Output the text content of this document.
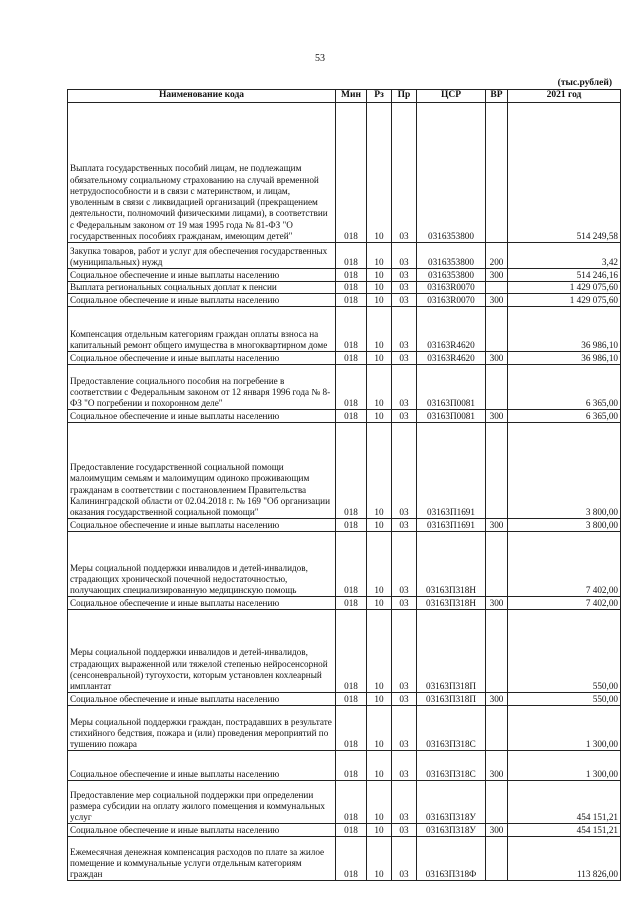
53
(тыс.рублей)
Наименование кода	Мин	Рз	Пр	ЦСР	ВР	2021 год
Выплата государственных пособий лицам, не подлежащим обязательному социальному страхованию на случай временной нетрудоспособности и в связи с материнством, и лицам, уволенным в связи с ликвидацией организаций (прекращением деятельности, полномочий физическими лицами), в соответствии с Федеральным законом от 19 мая 1995 года № 81-ФЗ "О государственных пособиях гражданам, имеющим детей"	018	10	03	0316353800		514 249,58
Закупка товаров, работ и услуг для обеспечения государственных (муниципальных) нужд	018	10	03	0316353800	200	3,42
Социальное обеспечение и иные выплаты населению	018	10	03	0316353800	300	514 246,16
Выплата региональных социальных доплат к пенсии	018	10	03	03163R0070		1 429 075,60
Социальное обеспечение и иные выплаты населению	018	10	03	03163R0070	300	1 429 075,60
Компенсация отдельным категориям граждан оплаты взноса на капитальный ремонт общего имущества в многоквартирном доме	018	10	03	03163R4620		36 986,10
Социальное обеспечение и иные выплаты населению	018	10	03	03163R4620	300	36 986,10
Предоставление социального пособия на погребение в соответствии с Федеральным законом от 12 января 1996 года № 8-ФЗ "О погребении и похоронном деле"	018	10	03	03163П0081		6 365,00
Социальное обеспечение и иные выплаты населению	018	10	03	03163П0081	300	6 365,00
Предоставление государственной социальной помощи малоимущим семьям и малоимущим одиноко проживающим гражданам в соответствии с постановлением Правительства Калининградской области от 02.04.2018 г. № 169 "Об организации оказания государственной социальной помощи"	018	10	03	03163П1691		3 800,00
Социальное обеспечение и иные выплаты населению	018	10	03	03163П1691	300	3 800,00
Меры социальной поддержки инвалидов и детей-инвалидов, страдающих хронической почечной недостаточностью, получающих специализированную медицинскую помощь	018	10	03	03163П318Н		7 402,00
Социальное обеспечение и иные выплаты населению	018	10	03	03163П318Н	300	7 402,00
Меры социальной поддержки инвалидов и детей-инвалидов, страдающих выраженной или тяжелой степенью нейросенсорной (сенсоневральной) тугоухости, которым установлен кохлеарный имплантат	018	10	03	03163П318П		550,00
Социальное обеспечение и иные выплаты населению	018	10	03	03163П318П	300	550,00
Меры социальной поддержки граждан, пострадавших в результате стихийного бедствия, пожара и (или) проведения мероприятий по тушению пожара	018	10	03	03163П318С		1 300,00
Социальное обеспечение и иные выплаты населению	018	10	03	03163П318С	300	1 300,00
Предоставление мер социальной поддержки при определении размера субсидии на оплату жилого помещения и коммунальных услуг	018	10	03	03163П318У		454 151,21
Социальное обеспечение и иные выплаты населению	018	10	03	03163П318У	300	454 151,21
Ежемесячная денежная компенсация расходов по плате за жилое помещение и коммунальные услуги отдельным категориям граждан	018	10	03	03163П318Ф		113 826,00
